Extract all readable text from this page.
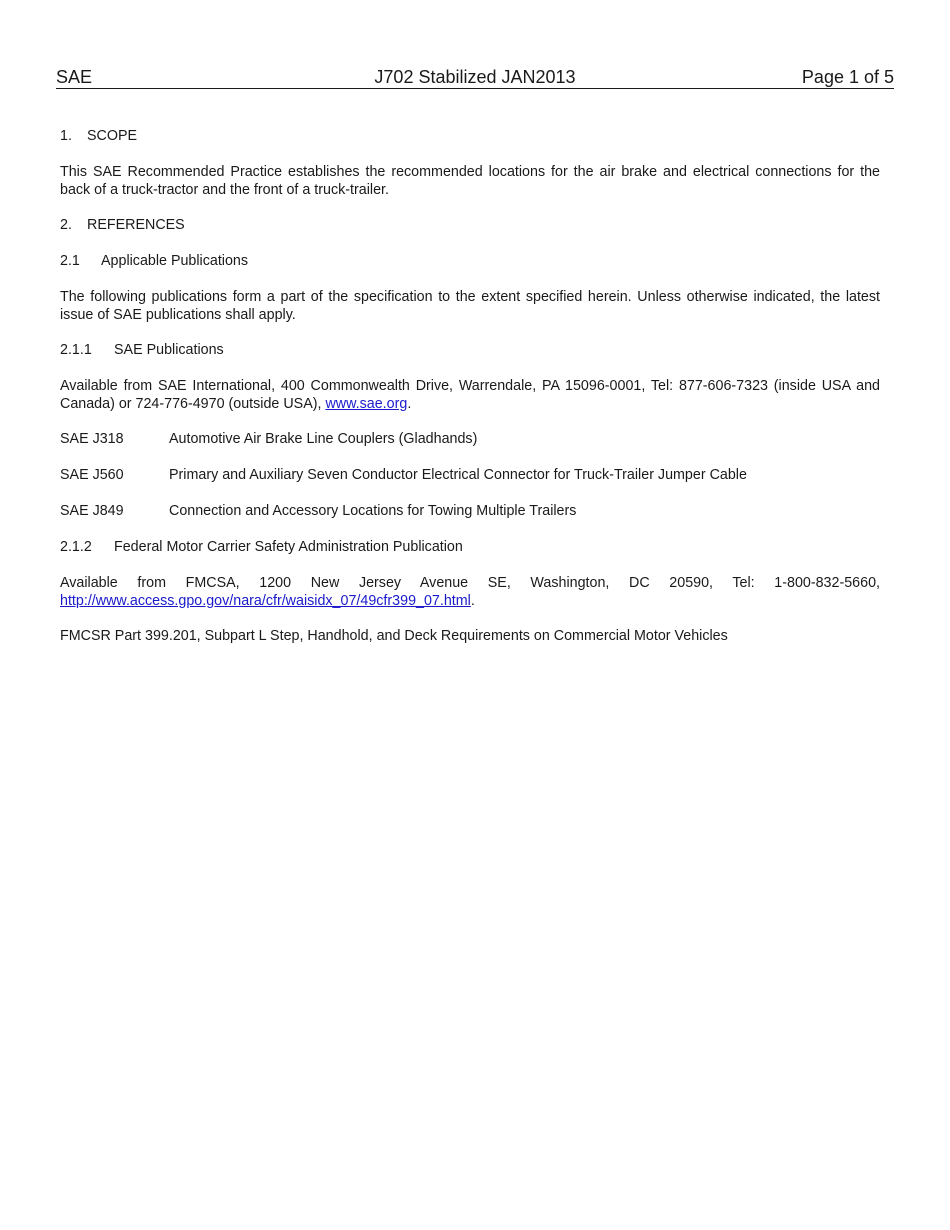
SAE	J702 Stabilized JAN2013	Page 1 of 5

1. SCOPE

This SAE Recommended Practice establishes the recommended locations for the air brake and electrical connections for the back of a truck-tractor and the front of a truck-trailer.

2. REFERENCES

2.1 Applicable Publications

The following publications form a part of the specification to the extent specified herein. Unless otherwise indicated, the latest issue of SAE publications shall apply.

2.1.1 SAE Publications

Available from SAE International, 400 Commonwealth Drive, Warrendale, PA 15096-0001, Tel: 877-606-7323 (inside USA and Canada) or 724-776-4970 (outside USA), www.sae.org.

SAE J318	Automotive Air Brake Line Couplers (Gladhands)

SAE J560	Primary and Auxiliary Seven Conductor Electrical Connector for Truck-Trailer Jumper Cable

SAE J849	Connection and Accessory Locations for Towing Multiple Trailers

2.1.2 Federal Motor Carrier Safety Administration Publication

Available from FMCSA, 1200 New Jersey Avenue SE, Washington, DC 20590, Tel: 1-800-832-5660, http://www.access.gpo.gov/nara/cfr/waisidx_07/49cfr399_07.html.

FMCSR Part 399.201, Subpart L Step, Handhold, and Deck Requirements on Commercial Motor Vehicles
